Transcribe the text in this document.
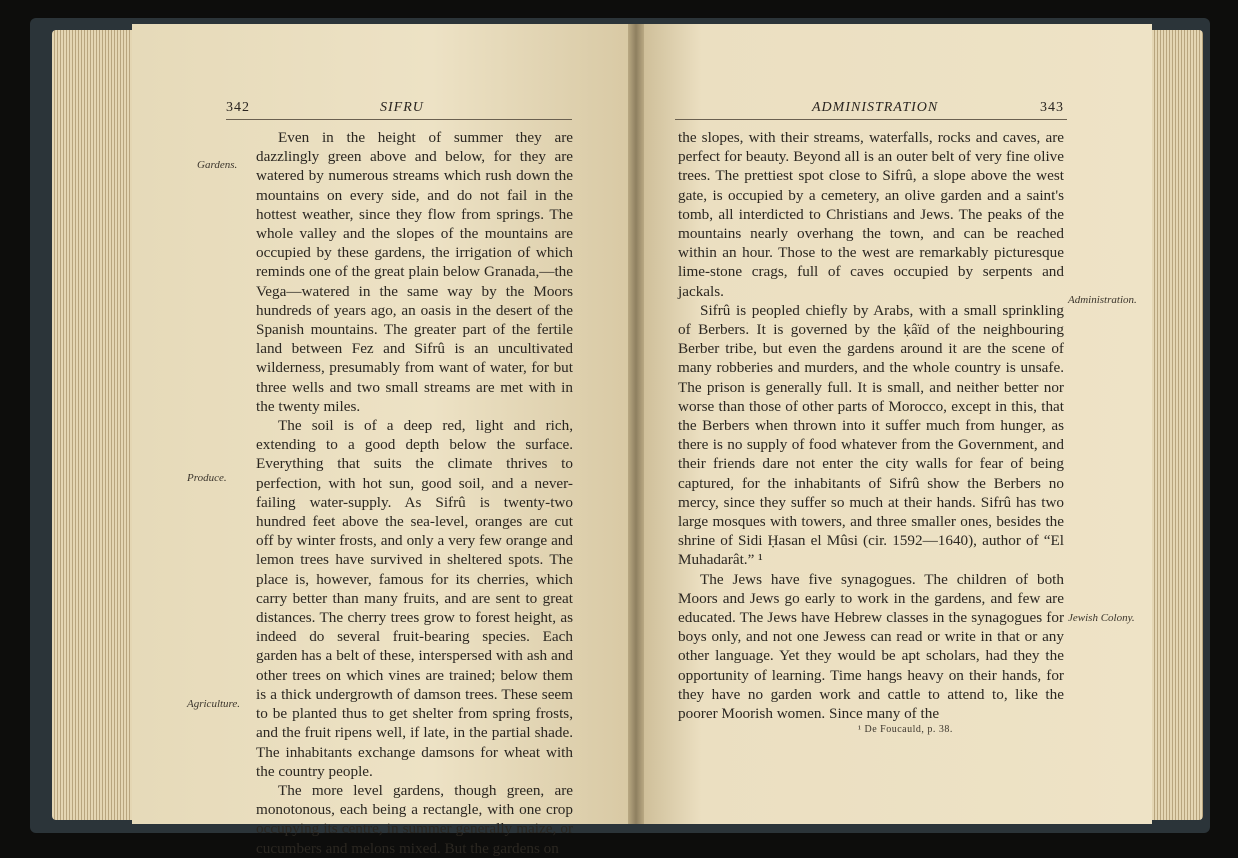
342	SIFRU
Gardens.
Produce.
Agriculture.

Even in the height of summer they are dazzlingly green above and below, for they are watered by numerous streams which rush down the mountains on every side, and do not fail in the hottest weather, since they flow from springs. The whole valley and the slopes of the mountains are occupied by these gardens, the irrigation of which reminds one of the great plain below Granada,—the Vega—watered in the same way by the Moors hundreds of years ago, an oasis in the desert of the Spanish mountains. The greater part of the fertile land between Fez and Sifrû is an uncultivated wilderness, presumably from want of water, for but three wells and two small streams are met with in the twenty miles.

The soil is of a deep red, light and rich, extending to a good depth below the surface. Everything that suits the climate thrives to perfection, with hot sun, good soil, and a never-failing water-supply. As Sifrû is twenty-two hundred feet above the sea-level, oranges are cut off by winter frosts, and only a very few orange and lemon trees have survived in sheltered spots. The place is, however, famous for its cherries, which carry better than many fruits, and are sent to great distances. The cherry trees grow to forest height, as indeed do several fruit-bearing species. Each garden has a belt of these, interspersed with ash and other trees on which vines are trained; below them is a thick undergrowth of damson trees. These seem to be planted thus to get shelter from spring frosts, and the fruit ripens well, if late, in the partial shade. The inhabitants exchange damsons for wheat with the country people.

The more level gardens, though green, are monotonous, each being a rectangle, with one crop occupying its centre, in summer generally maize, or cucumbers and melons mixed. But the gardens on

ADMINISTRATION	343
Administration.
Jewish Colony.

the slopes, with their streams, waterfalls, rocks and caves, are perfect for beauty. Beyond all is an outer belt of very fine olive trees. The prettiest spot close to Sifrû, a slope above the west gate, is occupied by a cemetery, an olive garden and a saint's tomb, all interdicted to Christians and Jews. The peaks of the mountains nearly overhang the town, and can be reached within an hour. Those to the west are remarkably picturesque lime-stone crags, full of caves occupied by serpents and jackals.

Sifrû is peopled chiefly by Arabs, with a small sprinkling of Berbers. It is governed by the ḳâïd of the neighbouring Berber tribe, but even the gardens around it are the scene of many robberies and murders, and the whole country is unsafe. The prison is generally full. It is small, and neither better nor worse than those of other parts of Morocco, except in this, that the Berbers when thrown into it suffer much from hunger, as there is no supply of food whatever from the Government, and their friends dare not enter the city walls for fear of being captured, for the inhabitants of Sifrû show the Berbers no mercy, since they suffer so much at their hands. Sifrû has two large mosques with towers, and three smaller ones, besides the shrine of Sidi Ḥasan el Mûsi (cir. 1592—1640), author of “El Muhadarât.” ¹

The Jews have five synagogues. The children of both Moors and Jews go early to work in the gardens, and few are educated. The Jews have Hebrew classes in the synagogues for boys only, and not one Jewess can read or write in that or any other language. Yet they would be apt scholars, had they the opportunity of learning. Time hangs heavy on their hands, for they have no garden work and cattle to attend to, like the poorer Moorish women. Since many of the

¹ De Foucauld, p. 38.
